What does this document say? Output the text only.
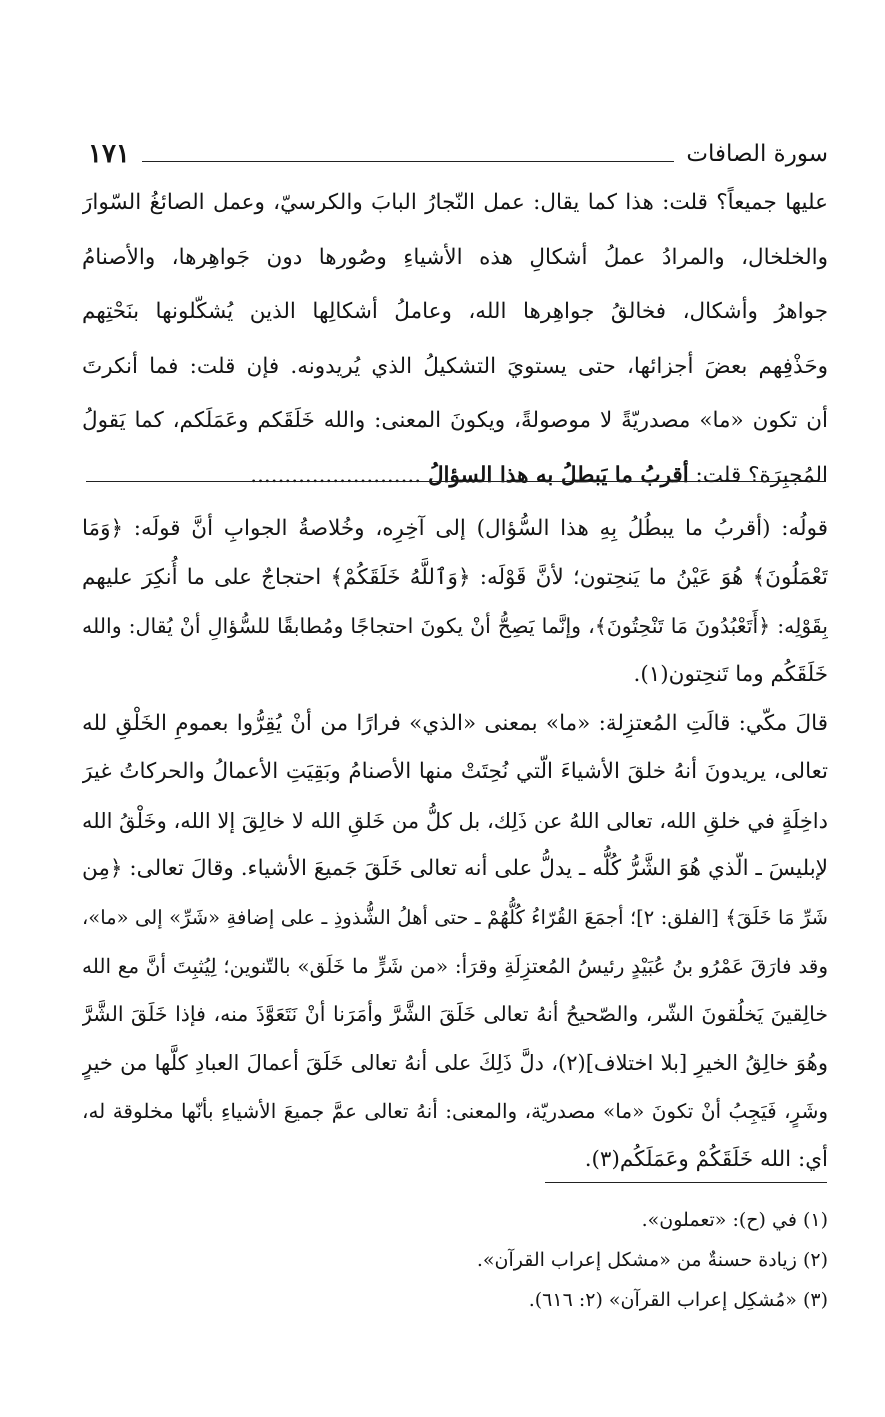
سورة الصافات
١٧١
عليها جميعاً؟ قلت: هذا كما يقال: عمل النّجارُ البابَ والكرسيّ، وعمل الصائغُ السّوارَ
والخلخال، والمرادُ عملُ أشكالِ هذه الأشياءِ وصُورها دون جَواهِرها، والأصنامُ
جواهرُ وأشكال، فخالقُ جواهِرها الله، وعاملُ أشكالِها الذين يُشكّلونها بنَحْتِهم
وحَذْفِهم بعضَ أجزائها، حتى يستويَ التشكيلُ الذي يُريدونه. فإن قلت: فما أنكرتَ
أن تكون «ما» مصدريّةً لا موصولةً، ويكونَ المعنى: والله خَلَقَكم وعَمَلَكم، كما يَقولُ
المُجبِرَة؟ قلت: أقربُ ما يَبطلُ به هذا السؤالُ .........................
قولُه: (أقربُ ما يبطُلُ بِهِ هذا السُّؤال) إلى آخِرِه، وخُلاصةُ الجوابِ أنَّ قولَه: ﴿وَمَا
تَعْمَلُونَ﴾ هُوَ عَيْنُ ما يَنحِتون؛ لأنَّ قَوْلَه: ﴿وَٱللَّهُ خَلَقَكُمْ﴾ احتجاجٌ على ما أُنكِرَ عليهم
بِقَوْلِه: ﴿أَتَعْبُدُونَ مَا تَنْحِتُونَ﴾، وإنَّما يَصِحُّ أنْ يكونَ احتجاجًا ومُطابقًا للسُّؤالِ أنْ يُقال: والله
خَلَقَكُم وما تَنحِتون(١).
قالَ مكّي: قالَتِ المُعتزِلة: «ما» بمعنى «الذي» فرارًا من أنْ يُقِرُّوا بعمومِ الخَلْقِ لله
تعالى، يريدونَ أنهُ خلقَ الأشياءَ الّتي نُحِتَتْ منها الأصنامُ وبَقِيَتِ الأعمالُ والحركاتُ غيرَ
داخِلَةٍ في خلقِ الله، تعالى اللهُ عن ذَلِك، بل كلُّ من خَلقِ الله لا خالِقَ إلا الله، وخَلْقُ الله
لإبليسَ ـ الّذي هُوَ الشَّرُّ كُلُّه ـ يدلُّ على أنه تعالى خَلَقَ جَميعَ الأشياء. وقالَ تعالى: ﴿مِن
شَرِّ مَا خَلَقَ﴾ [الفلق: ٢]؛ أجمَعَ القُرّاءُ كُلُّهُمْ ـ حتى أهلُ الشُّذوذِ ـ على إضافةِ «شَرِّ» إلى «ما»،
وقد فارَقَ عَمْرُو بنُ عُبَيْدٍ رئيسُ المُعتزِلَةِ وقرَأ: «من شَرٍّ ما خَلَق» بالتّنوين؛ لِيُثبِتَ أنَّ مع الله
خالِقينَ يَخلُقونَ الشّر، والصّحيحُ أنهُ تعالى خَلَقَ الشَّرَّ وأمَرَنا أنْ نَتَعَوَّذَ منه، فإذا خَلَقَ الشَّرَّ
وهُوَ خالِقُ الخيرِ [بلا اختلاف](٢)، دلَّ ذَلِكَ على أنهُ تعالى خَلَقَ أعمالَ العبادِ كلَّها من خيرٍ
وشَرٍ، فَيَجِبُ أنْ تكونَ «ما» مصدريّة، والمعنى: أنهُ تعالى عمَّ جميعَ الأشياءِ بأنّها مخلوقة له،
أي: الله خَلَقَكُمْ وعَمَلَكُم(٣).
(١) في (ح): «تعملون».
(٢) زيادة حسنةٌ من «مشكل إعراب القرآن».
(٣) «مُشكِل إعراب القرآن» (٢: ٦١٦).
